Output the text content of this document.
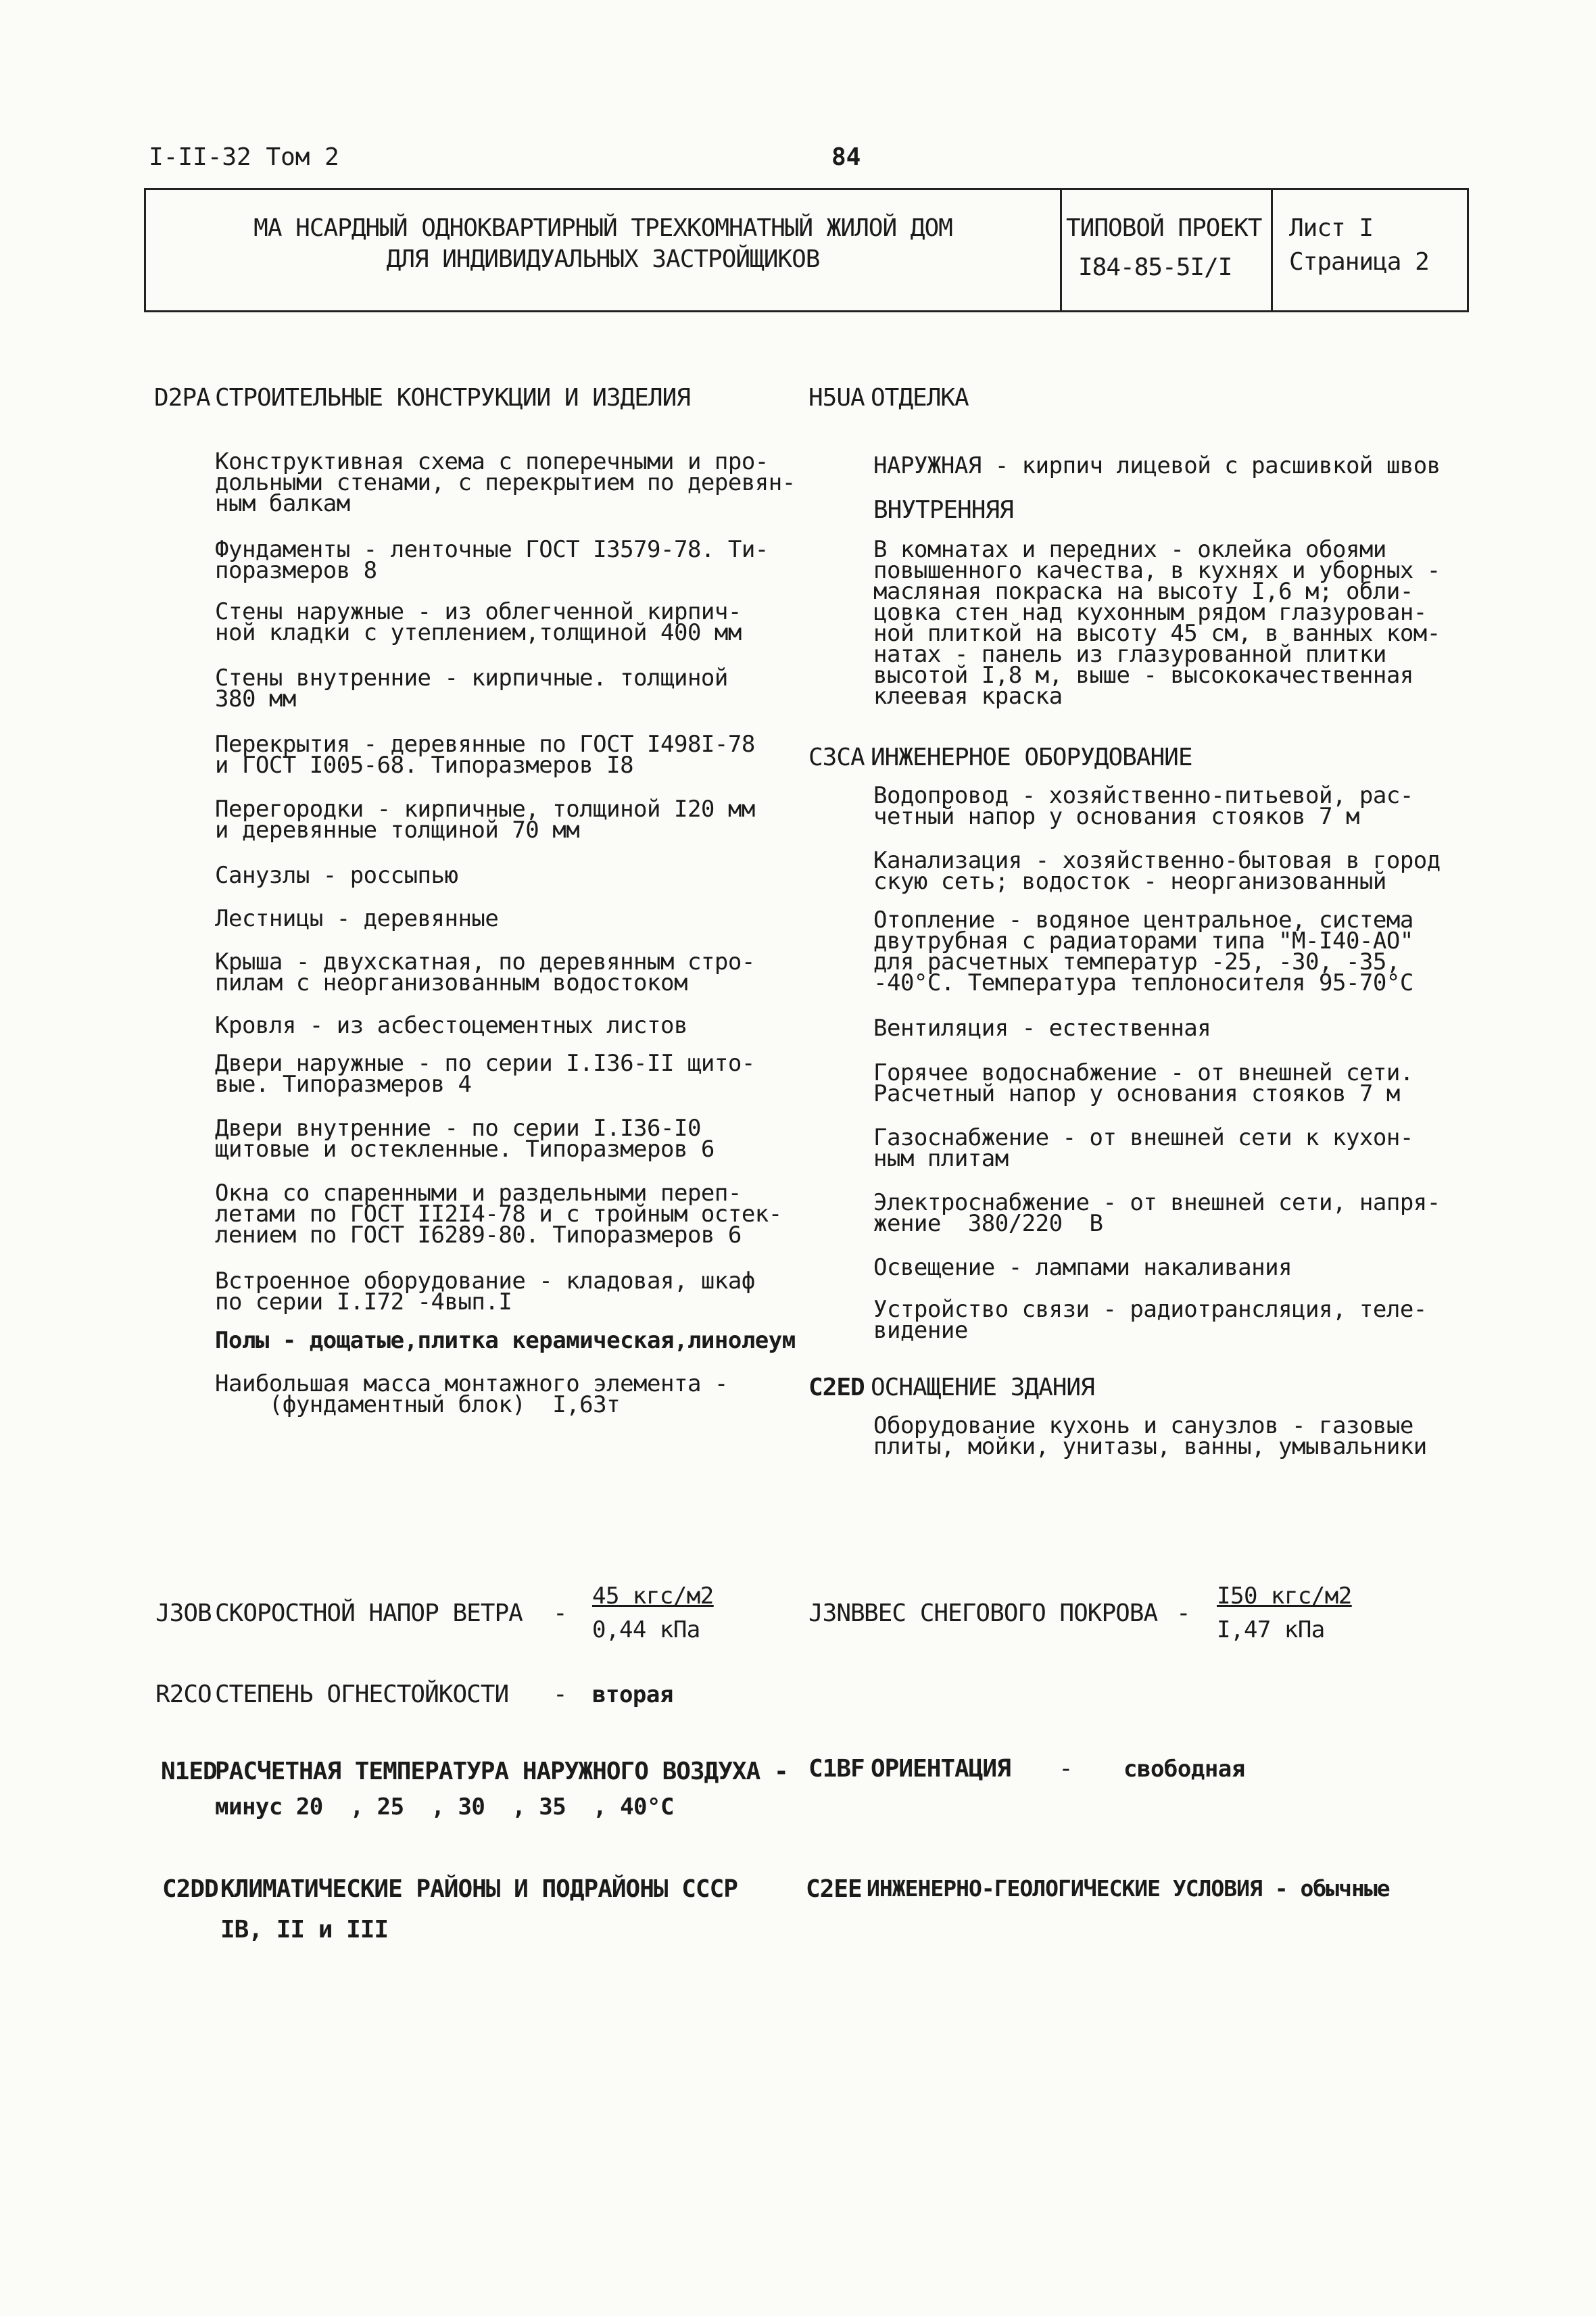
I-II-32 Том 2	84
МА НСАРДНЫЙ ОДНОКВАРТИРНЫЙ ТРЕХКОМНАТНЫЙ ЖИЛОЙ ДОМ
ДЛЯ ИНДИВИДУАЛЬНЫХ ЗАСТРОЙЩИКОВ
ТИПОВОЙ ПРОЕКТ
I84-85-5I/I
Лист I
Страница 2
D2РА СТРОИТЕЛЬНЫЕ КОНСТРУКЦИИ И ИЗДЕЛИЯ
Конструктивная схема с поперечными и про-
дольными стенами, с перекрытием по деревян-
ным балкам
Фундаменты - ленточные ГОСТ I3579-78. Ти-
поразмеров 8
Стены наружные - из облегченной кирпич-
ной кладки с утеплением,толщиной 400 мм
Стены внутренние - кирпичные. толщиной
380 мм
Перекрытия - деревянные по ГОСТ I498I-78
и ГОСТ I005-68. Типоразмеров I8
Перегородки - кирпичные, толщиной I20 мм
и деревянные толщиной 70 мм
Санузлы - россыпью
Лестницы - деревянные
Крыша - двухскатная, по деревянным стро-
пилам с неорганизованным водостоком
Кровля - из асбестоцементных листов
Двери наружные - по серии I.I36-II щито-
вые. Типоразмеров 4
Двери внутренние - по серии I.I36-I0
щитовые и остекленные. Типоразмеров 6
Окна со спаренными и раздельными переп-
летами по ГОСТ II2I4-78 и с тройным остек-
лением по ГОСТ I6289-80. Типоразмеров 6
Встроенное оборудование - кладовая, шкаф
по серии I.I72 -4вып.I
Полы - дощатые,плитка керамическая,линолеум
Наибольшая масса монтажного элемента -
(фундаментный блок)  I,63т
Н5UA ОТДЕЛКА
НАРУЖНАЯ - кирпич лицевой с расшивкой швов
ВНУТРЕННЯЯ
В комнатах и передних - оклейка обоями
повышенного качества, в кухнях и уборных -
масляная покраска на высоту I,6 м; обли-
цовка стен над кухонным рядом глазурован-
ной плиткой на высоту 45 см, в ванных ком-
натах - панель из глазурованной плитки
высотой I,8 м, выше - высококачественная
клеевая краска
СЗСА ИНЖЕНЕРНОЕ ОБОРУДОВАНИЕ
Водопровод - хозяйственно-питьевой, рас-
четный напор у основания стояков 7 м
Канализация - хозяйственно-бытовая в город
скую сеть; водосток - неорганизованный
Отопление - водяное центральное, система
двутрубная с радиаторами типа "М-I40-АО"
для расчетных температур -25, -30, -35,
-40°С. Температура теплоносителя 95-70°С
Вентиляция - естественная
Горячее водоснабжение - от внешней сети.
Расчетный напор у основания стояков 7 м
Газоснабжение - от внешней сети к кухон-
ным плитам
Электроснабжение - от внешней сети, напря-
жение  380/220  В
Освещение - лампами накаливания
Устройство связи - радиотрансляция, теле-
видение
С2ЕD ОСНАЩЕНИЕ ЗДАНИЯ
Оборудование кухонь и санузлов - газовые
плиты, мойки, унитазы, ванны, умывальники
J3OB СКОРОСТНОЙ НАПОР ВЕТРА -
45 кгс/м2
0,44 кПа
J3NB ВЕС СНЕГОВОГО ПОКРОВА -
I50 кгс/м2
I,47 кПа
R2CO СТЕПЕНЬ ОГНЕСТОЙКОСТИ - вторая
N1ED
РАСЧЕТНАЯ ТЕМПЕРАТУРА НАРУЖНОГО ВОЗДУХА -
минус 20  , 25  , 30  , 35  , 40°С
С1ВF ОРИЕНТАЦИЯ - свободная
С2DD КЛИМАТИЧЕСКИЕ РАЙОНЫ И ПОДРАЙОНЫ СССР
IВ, II и III
С2ЕЕ ИНЖЕНЕРНО-ГЕОЛОГИЧЕСКИЕ УСЛОВИЯ - обычные
